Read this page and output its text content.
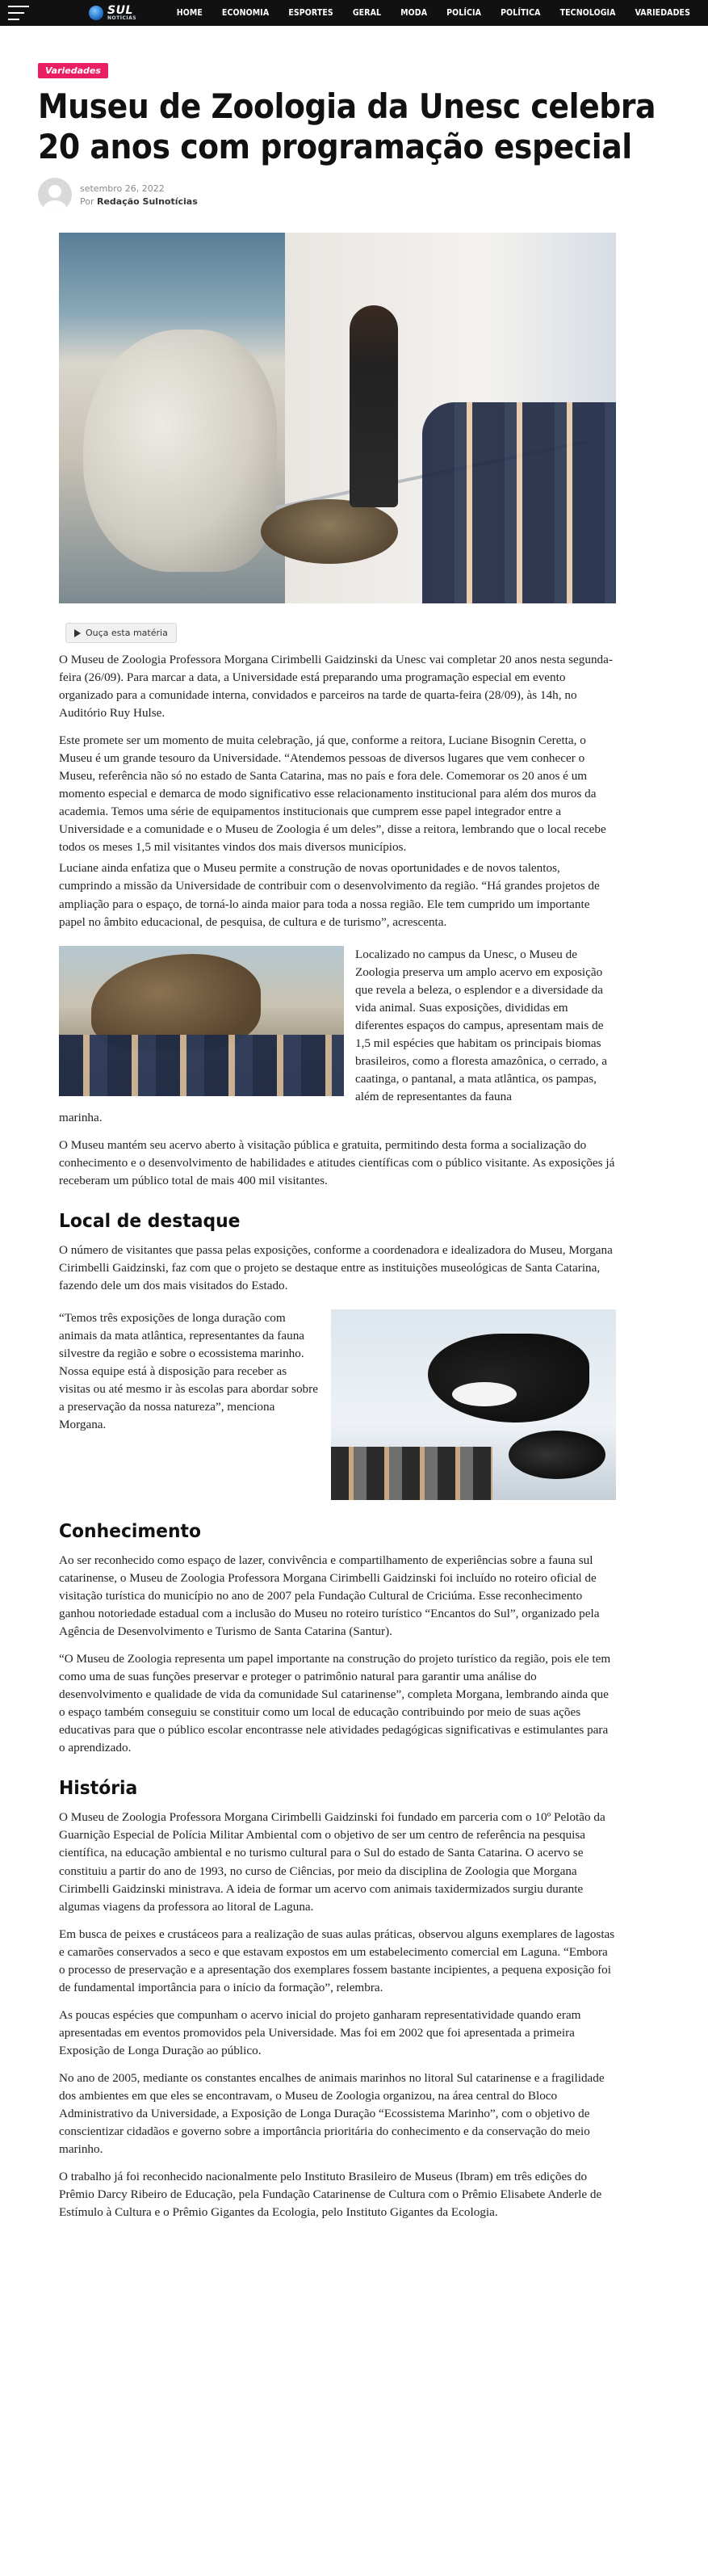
SUL
NOTÍCIAS
HOME	ECONOMIA	ESPORTES	GERAL	MODA	POLÍCIA	POLÍTICA	TECNOLOGIA	VARIEDADES
Variedades
Museu de Zoologia da Unesc celebra 20 anos com programação especial
setembro 26, 2022
Por Redação Sulnotícias
Ouça esta matéria

O Museu de Zoologia Professora Morgana Cirimbelli Gaidzinski da Unesc vai completar 20 anos nesta segunda-feira (26/09). Para marcar a data, a Universidade está preparando uma programação especial em evento organizado para a comunidade interna, convidados e parceiros na tarde de quarta-feira (28/09), às 14h, no Auditório Ruy Hulse.

Este promete ser um momento de muita celebração, já que, conforme a reitora, Luciane Bisognin Ceretta, o Museu é um grande tesouro da Universidade. “Atendemos pessoas de diversos lugares que vem conhecer o Museu, referência não só no estado de Santa Catarina, mas no país e fora dele. Comemorar os 20 anos é um momento especial e demarca de modo significativo esse relacionamento institucional para além dos muros da academia. Temos uma série de equipamentos institucionais que cumprem esse papel integrador entre a Universidade e a comunidade e o Museu de Zoologia é um deles”, disse a reitora, lembrando que o local recebe todos os meses 1,5 mil visitantes vindos dos mais diversos municípios.

Luciane ainda enfatiza que o Museu permite a construção de novas oportunidades e de novos talentos, cumprindo a missão da Universidade de contribuir com o desenvolvimento da região. “Há grandes projetos de ampliação para o espaço, de torná-lo ainda maior para toda a nossa região. Ele tem cumprido um importante papel no âmbito educacional, de pesquisa, de cultura e de turismo”, acrescenta.

Localizado no campus da Unesc, o Museu de Zoologia preserva um amplo acervo em exposição que revela a beleza, o esplendor e a diversidade da vida animal. Suas exposições, divididas em diferentes espaços do campus, apresentam mais de 1,5 mil espécies que habitam os principais biomas brasileiros, como a floresta amazônica, o cerrado, a caatinga, o pantanal, a mata atlântica, os pampas, além de representantes da fauna

marinha.

O Museu mantém seu acervo aberto à visitação pública e gratuita, permitindo desta forma a socialização do conhecimento e o desenvolvimento de habilidades e atitudes científicas com o público visitante. As exposições já receberam um público total de mais 400 mil visitantes.

Local de destaque

O número de visitantes que passa pelas exposições, conforme a coordenadora e idealizadora do Museu, Morgana Cirimbelli Gaidzinski, faz com que o projeto se destaque entre as instituições museológicas de Santa Catarina, fazendo dele um dos mais visitados do Estado.

“Temos três exposições de longa duração com animais da mata atlântica, representantes da fauna silvestre da região e sobre o ecossistema marinho. Nossa equipe está à disposição para receber as visitas ou até mesmo ir às escolas para abordar sobre a preservação da nossa natureza”, menciona Morgana.

Conhecimento

Ao ser reconhecido como espaço de lazer, convivência e compartilhamento de experiências sobre a fauna sul catarinense, o Museu de Zoologia Professora Morgana Cirimbelli Gaidzinski foi incluído no roteiro oficial de visitação turística do município no ano de 2007 pela Fundação Cultural de Criciúma. Esse reconhecimento ganhou notoriedade estadual com a inclusão do Museu no roteiro turístico “Encantos do Sul”, organizado pela Agência de Desenvolvimento e Turismo de Santa Catarina (Santur).

“O Museu de Zoologia representa um papel importante na construção do projeto turístico da região, pois ele tem como uma de suas funções preservar e proteger o patrimônio natural para garantir uma análise do desenvolvimento e qualidade de vida da comunidade Sul catarinense”, completa Morgana, lembrando ainda que o espaço também conseguiu se constituir como um local de educação contribuindo por meio de suas ações educativas para que o público escolar encontrasse nele atividades pedagógicas significativas e estimulantes para o aprendizado.

História

O Museu de Zoologia Professora Morgana Cirimbelli Gaidzinski foi fundado em parceria com o 10º Pelotão da Guarnição Especial de Polícia Militar Ambiental com o objetivo de ser um centro de referência na pesquisa científica, na educação ambiental e no turismo cultural para o Sul do estado de Santa Catarina. O acervo se constituiu a partir do ano de 1993, no curso de Ciências, por meio da disciplina de Zoologia que Morgana Cirimbelli Gaidzinski ministrava. A ideia de formar um acervo com animais taxidermizados surgiu durante algumas viagens da professora ao litoral de Laguna.

Em busca de peixes e crustáceos para a realização de suas aulas práticas, observou alguns exemplares de lagostas e camarões conservados a seco e que estavam expostos em um estabelecimento comercial em Laguna. “Embora o processo de preservação e a apresentação dos exemplares fossem bastante incipientes, a pequena exposição foi de fundamental importância para o início da formação”, relembra.

As poucas espécies que compunham o acervo inicial do projeto ganharam representatividade quando eram apresentadas em eventos promovidos pela Universidade. Mas foi em 2002 que foi apresentada a primeira Exposição de Longa Duração ao público.

No ano de 2005, mediante os constantes encalhes de animais marinhos no litoral Sul catarinense e a fragilidade dos ambientes em que eles se encontravam, o Museu de Zoologia organizou, na área central do Bloco Administrativo da Universidade, a Exposição de Longa Duração “Ecossistema Marinho”, com o objetivo de conscientizar cidadãos e governo sobre a importância prioritária do conhecimento e da conservação do meio marinho.

O trabalho já foi reconhecido nacionalmente pelo Instituto Brasileiro de Museus (Ibram) em três edições do Prêmio Darcy Ribeiro de Educação, pela Fundação Catarinense de Cultura com o Prêmio Elisabete Anderle de Estímulo à Cultura e o Prêmio Gigantes da Ecologia, pelo Instituto Gigantes da Ecologia.
